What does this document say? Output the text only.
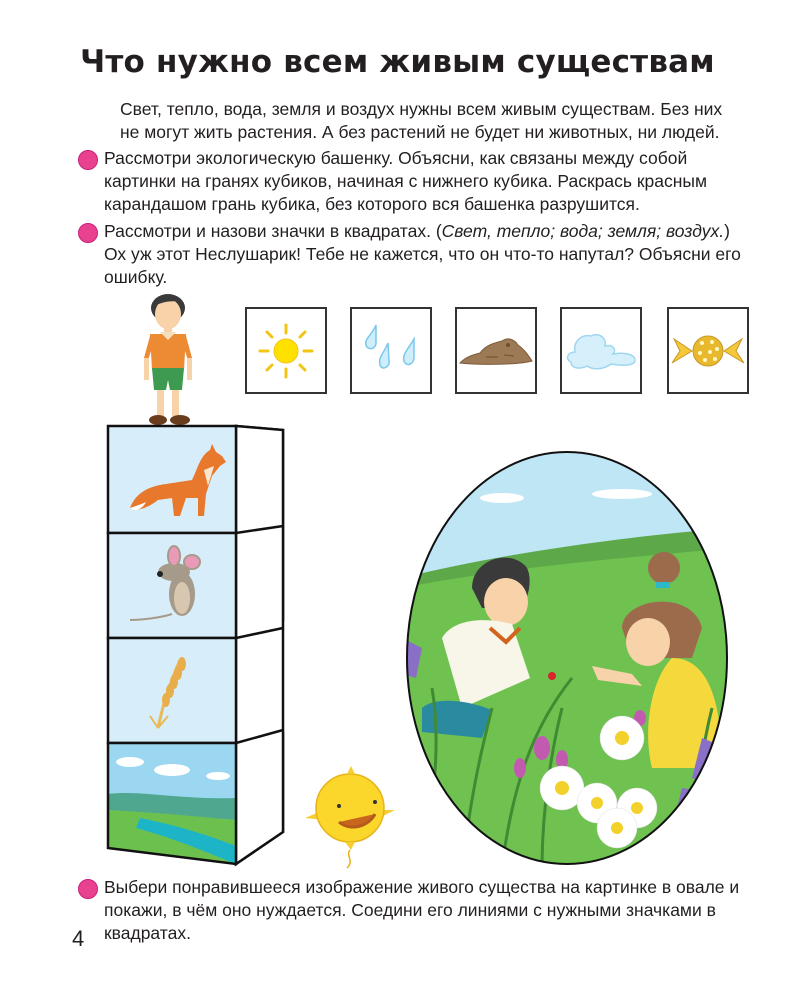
Что нужно всем живым существам
Свет, тепло, вода, земля и воздух нужны всем живым существам. Без них не могут жить растения. А без растений не будет ни животных, ни людей.
Рассмотри экологическую башенку. Объясни, как связаны между собой картинки на гранях кубиков, начиная с нижнего кубика. Раскрась красным карандашом грань кубика, без которого вся башенка разрушится.
Рассмотри и назови значки в квадратах. (Свет, тепло; вода; земля; воздух.) Ох уж этот Неслушарик! Тебе не кажется, что он что-то напутал? Объясни его ошибку.
Выбери понравившееся изображение живого существа на картинке в овале и покажи, в чём оно нуждается. Соедини его линиями с нужными значками в квадратах.
4
